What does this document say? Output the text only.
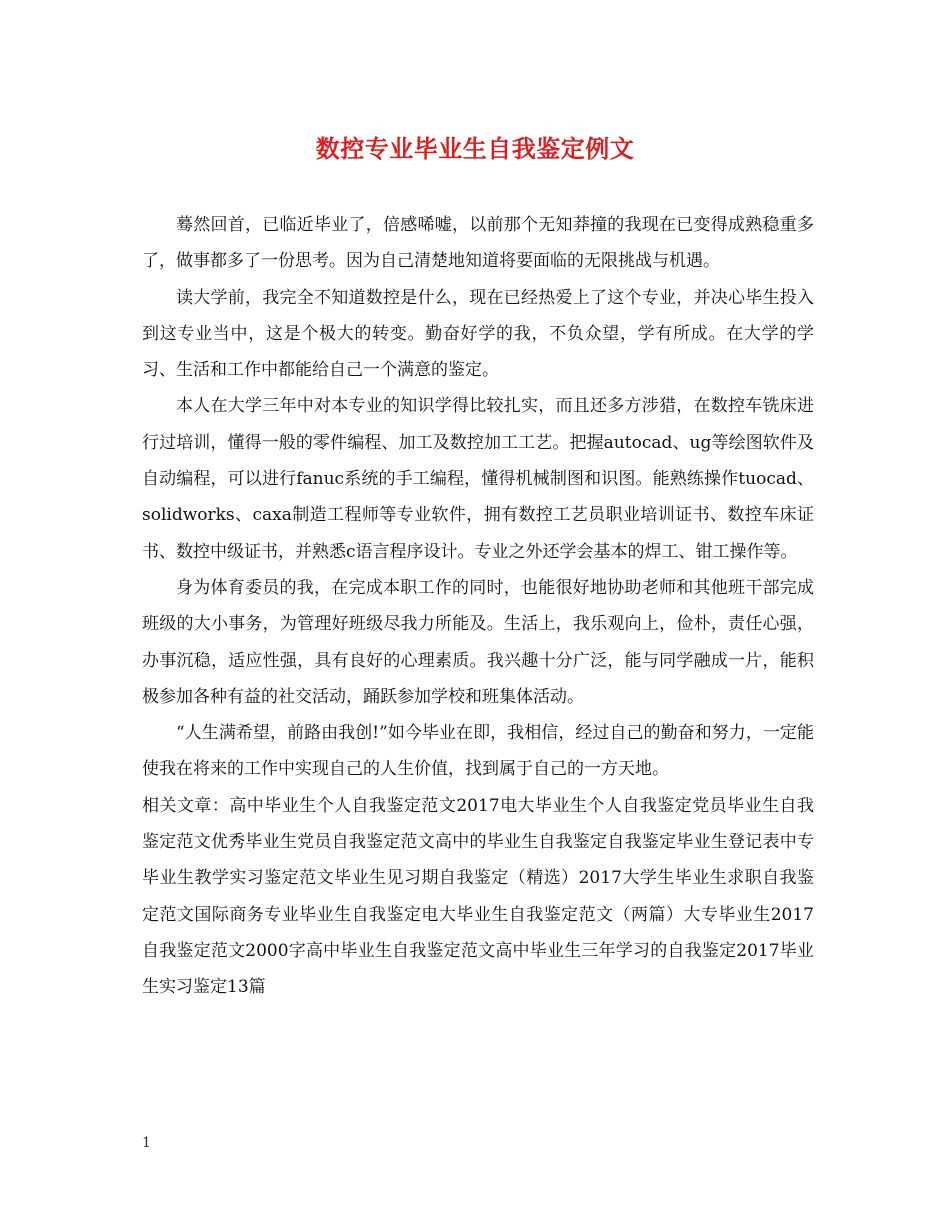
数控专业毕业生自我鉴定例文

蓦然回首，已临近毕业了，倍感唏嘘，以前那个无知莽撞的我现在已变得成熟稳重多了，做事都多了一份思考。因为自己清楚地知道将要面临的无限挑战与机遇。

读大学前，我完全不知道数控是什么，现在已经热爱上了这个专业，并决心毕生投入到这专业当中，这是个极大的转变。勤奋好学的我，不负众望，学有所成。在大学的学习、生活和工作中都能给自己一个满意的鉴定。

本人在大学三年中对本专业的知识学得比较扎实，而且还多方涉猎，在数控车铣床进行过培训，懂得一般的零件编程、加工及数控加工工艺。把握autocad、ug等绘图软件及自动编程，可以进行fanuc系统的手工编程，懂得机械制图和识图。能熟练操作tuocad、solidworks、caxa制造工程师等专业软件，拥有数控工艺员职业培训证书、数控车床证书、数控中级证书，并熟悉c语言程序设计。专业之外还学会基本的焊工、钳工操作等。

身为体育委员的我，在完成本职工作的同时，也能很好地协助老师和其他班干部完成班级的大小事务，为管理好班级尽我力所能及。生活上，我乐观向上，俭朴，责任心强，办事沉稳，适应性强，具有良好的心理素质。我兴趣十分广泛，能与同学融成一片，能积极参加各种有益的社交活动，踊跃参加学校和班集体活动。

“人生满希望，前路由我创!”如今毕业在即，我相信，经过自己的勤奋和努力，一定能使我在将来的工作中实现自己的人生价值，找到属于自己的一方天地。

相关文章：高中毕业生个人自我鉴定范文2017电大毕业生个人自我鉴定党员毕业生自我鉴定范文优秀毕业生党员自我鉴定范文高中的毕业生自我鉴定自我鉴定毕业生登记表中专毕业生教学实习鉴定范文毕业生见习期自我鉴定（精选）2017大学生毕业生求职自我鉴定范文国际商务专业毕业生自我鉴定电大毕业生自我鉴定范文（两篇）大专毕业生2017自我鉴定范文2000字高中毕业生自我鉴定范文高中毕业生三年学习的自我鉴定2017毕业生实习鉴定13篇

1
